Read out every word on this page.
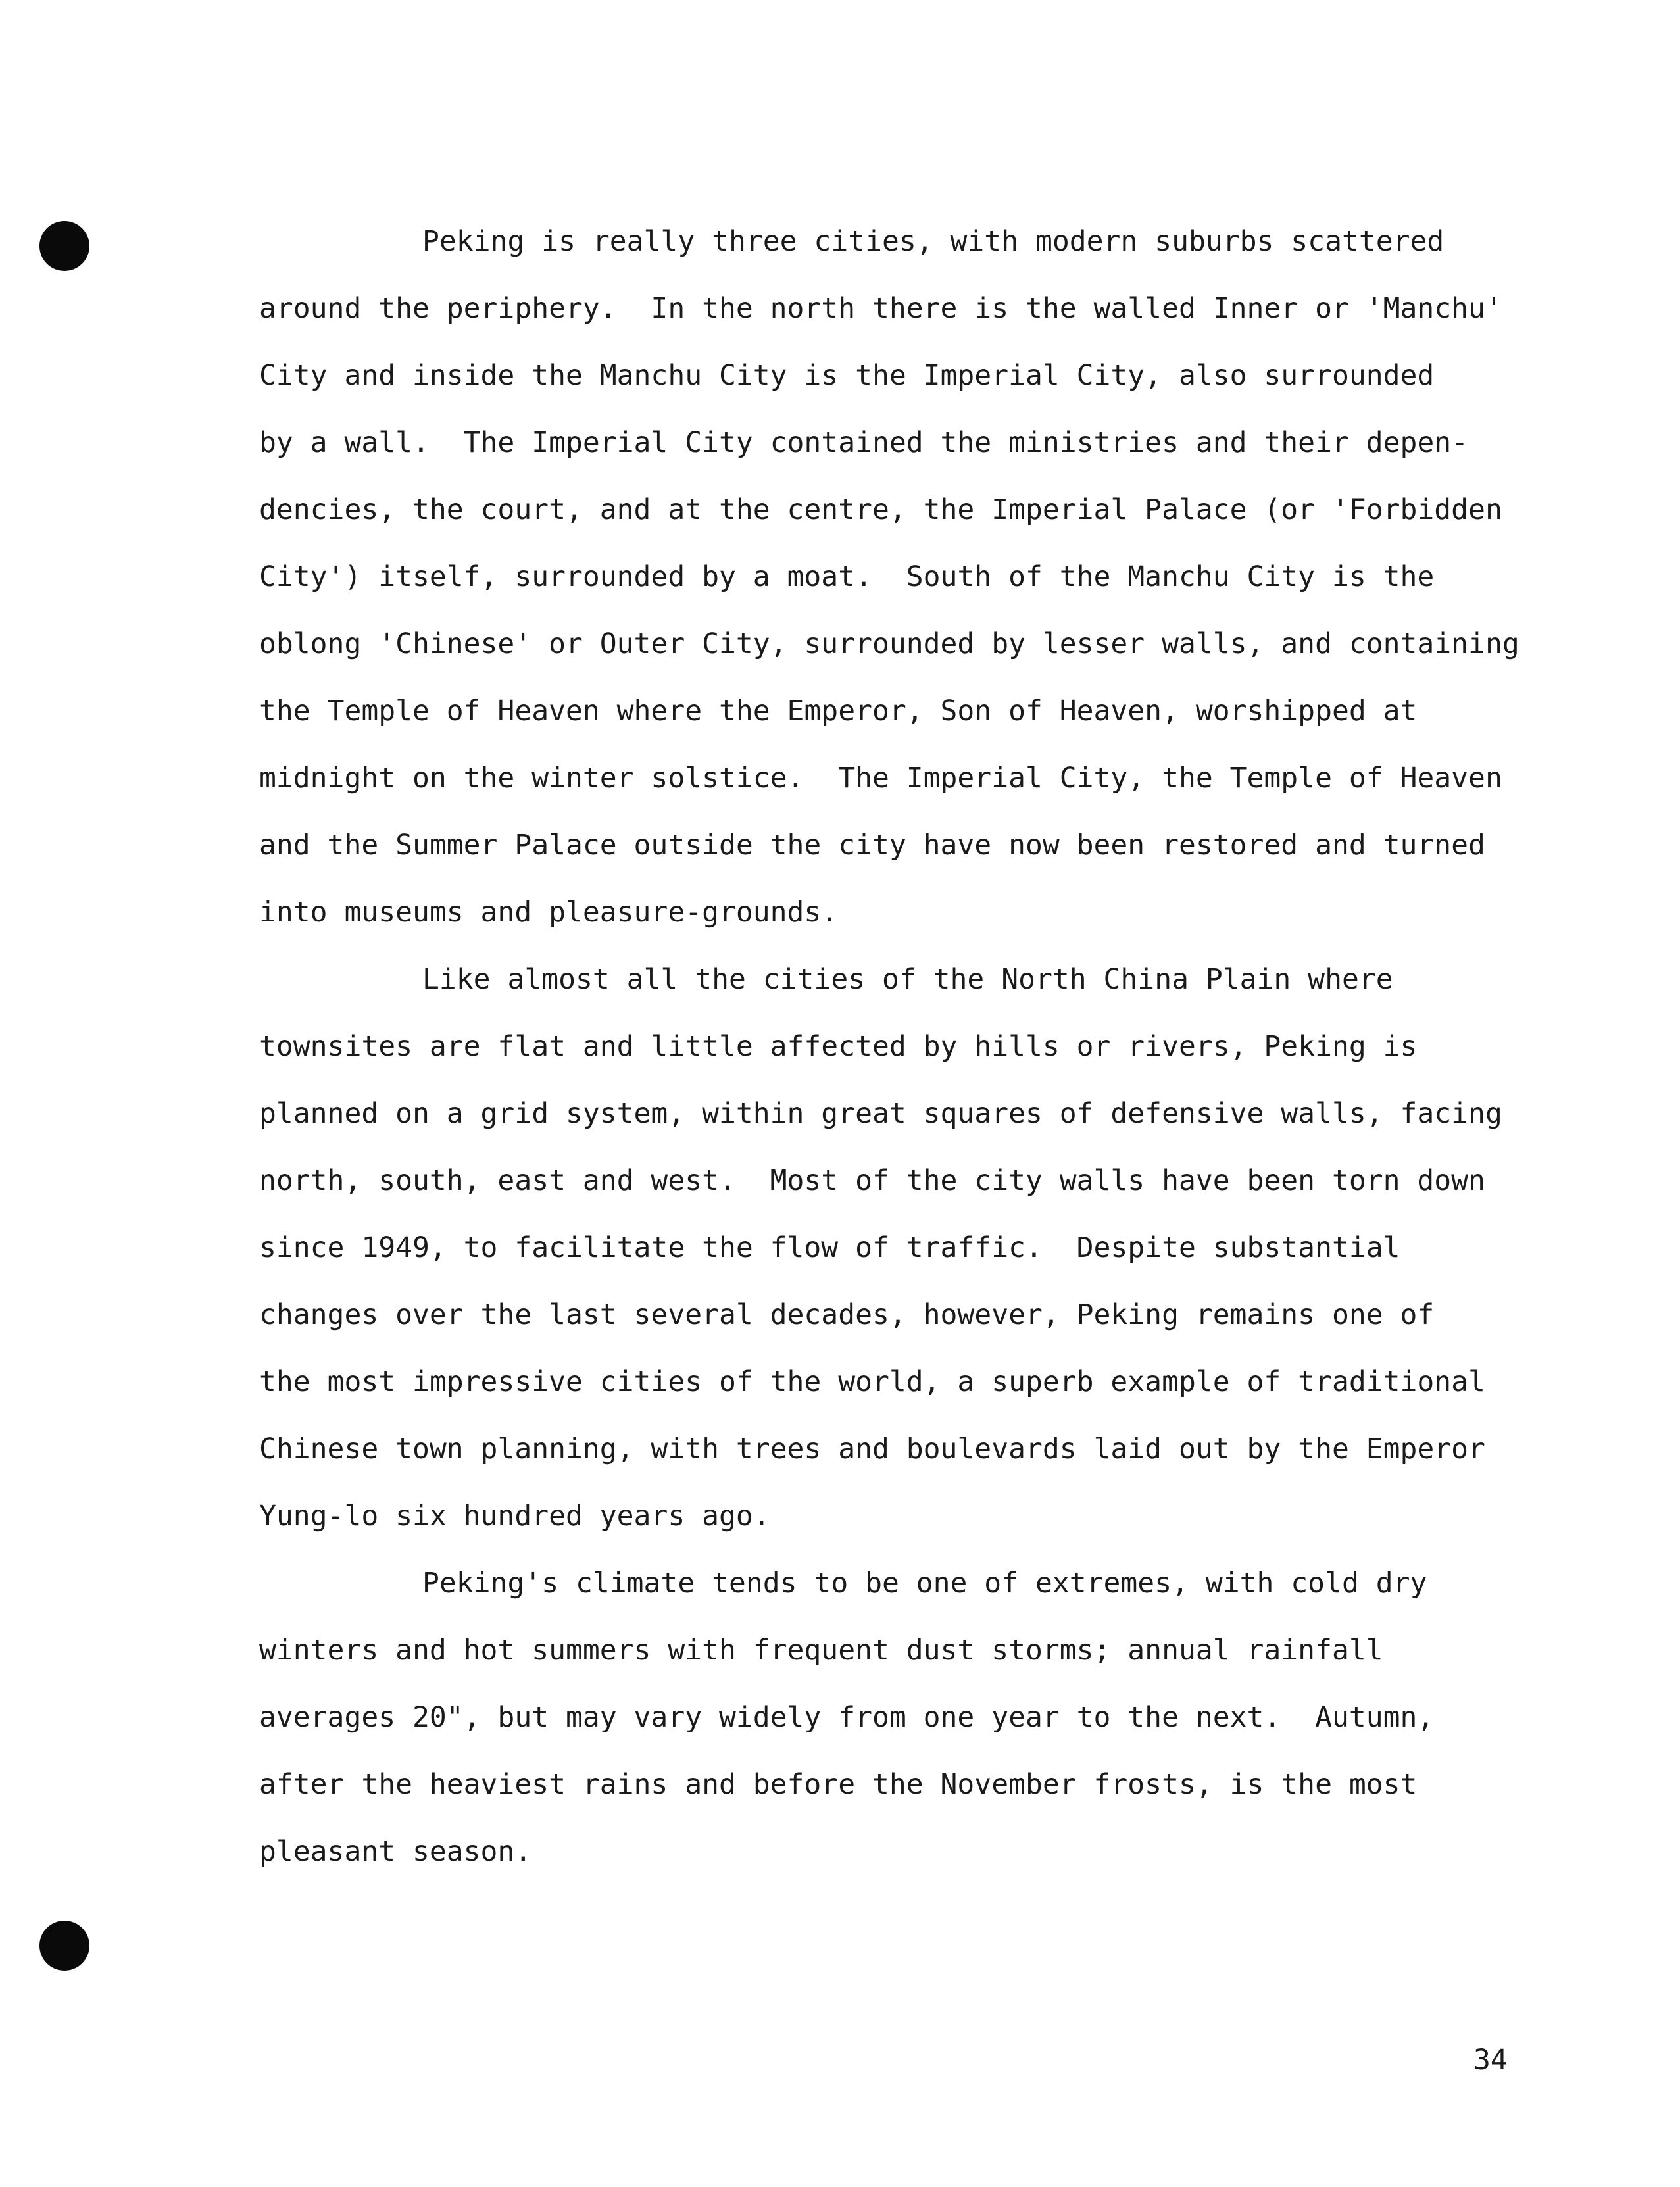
Peking is really three cities, with modern suburbs scattered
around the periphery.  In the north there is the walled Inner or 'Manchu'
City and inside the Manchu City is the Imperial City, also surrounded
by a wall.  The Imperial City contained the ministries and their depen-
dencies, the court, and at the centre, the Imperial Palace (or 'Forbidden
City') itself, surrounded by a moat.  South of the Manchu City is the
oblong 'Chinese' or Outer City, surrounded by lesser walls, and containing
the Temple of Heaven where the Emperor, Son of Heaven, worshipped at
midnight on the winter solstice.  The Imperial City, the Temple of Heaven
and the Summer Palace outside the city have now been restored and turned
into museums and pleasure-grounds.
Like almost all the cities of the North China Plain where
townsites are flat and little affected by hills or rivers, Peking is
planned on a grid system, within great squares of defensive walls, facing
north, south, east and west.  Most of the city walls have been torn down
since 1949, to facilitate the flow of traffic.  Despite substantial
changes over the last several decades, however, Peking remains one of
the most impressive cities of the world, a superb example of traditional
Chinese town planning, with trees and boulevards laid out by the Emperor
Yung-lo six hundred years ago.
Peking's climate tends to be one of extremes, with cold dry
winters and hot summers with frequent dust storms; annual rainfall
averages 20", but may vary widely from one year to the next.  Autumn,
after the heaviest rains and before the November frosts, is the most
pleasant season.
34
